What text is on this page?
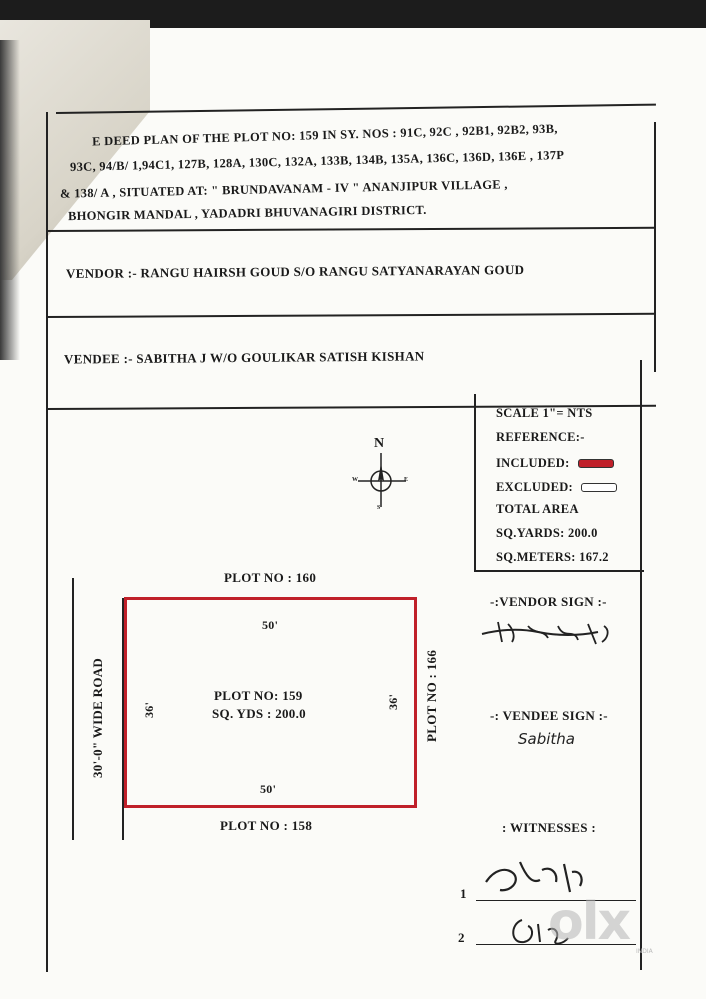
E DEED PLAN OF THE PLOT NO: 159 IN SY. NOS : 91C, 92C , 92B1, 92B2, 93B,
93C, 94/B/ 1,94C1, 127B, 128A, 130C, 132A, 133B, 134B, 135A, 136C, 136D, 136E , 137P
& 138/ A , SITUATED AT: " BRUNDAVANAM - IV " ANANJIPUR VILLAGE ,
BHONGIR MANDAL , YADADRI BHUVANAGIRI DISTRICT.
VENDOR :- RANGU HAIRSH GOUD S/O RANGU SATYANARAYAN GOUD
VENDEE :- SABITHA J W/O GOULIKAR SATISH KISHAN
SCALE 1"= NTS
REFERENCE:-
INCLUDED:
EXCLUDED:
TOTAL AREA
SQ.YARDS: 200.0
SQ.METERS: 167.2
N
W	E
S
30'-0" WIDE ROAD
PLOT NO : 160
PLOT NO : 158
PLOT NO : 166
50'
50'
36'	36'
PLOT NO: 159
SQ. YDS : 200.0
-:VENDOR SIGN :-
-: VENDEE SIGN :-
Sabitha
: WITNESSES :
1
2 olx INDIA
